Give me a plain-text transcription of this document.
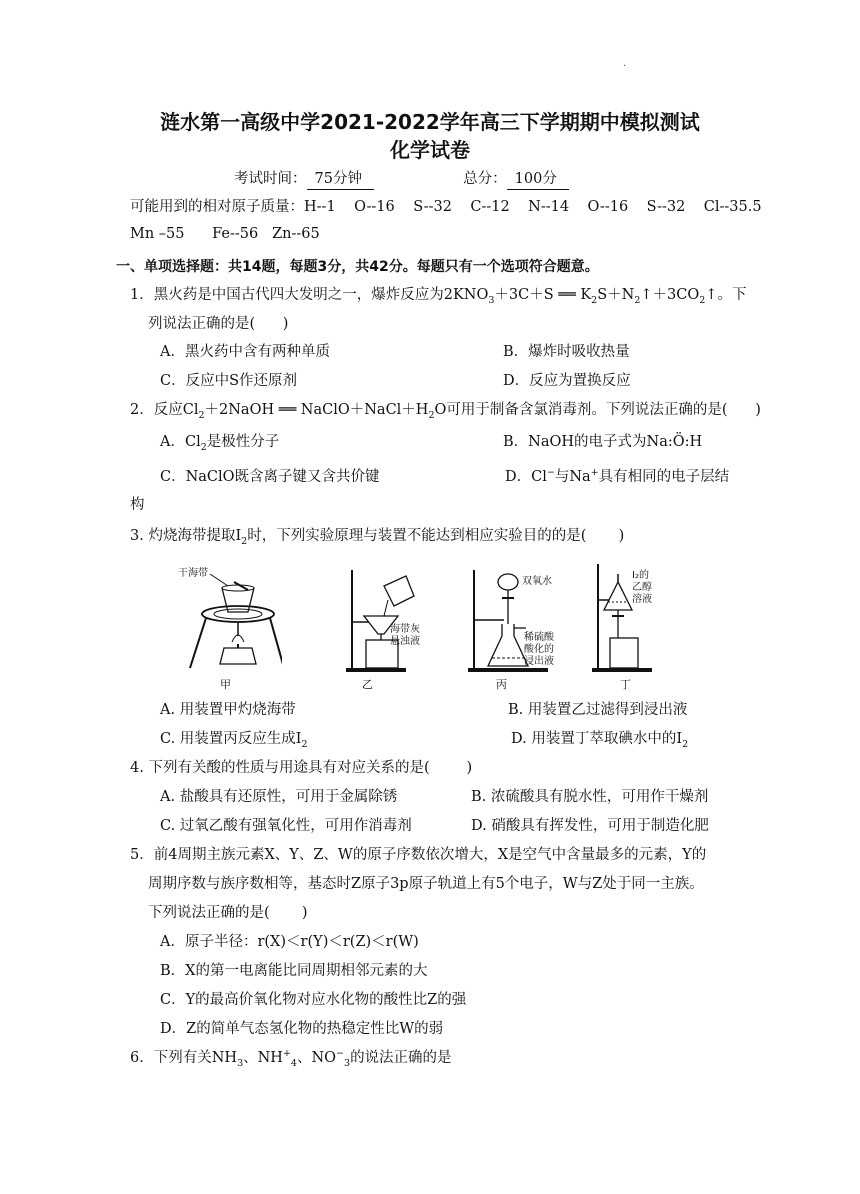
.
涟水第一高级中学2021-2022学年高三下学期期中模拟测试
化学试卷
考试时间： 75分钟	总分： 100分
可能用到的相对原子质量：H--1    O--16    S--32    C--12    N--14    O--16    S--32    Cl--35.5
Mn –55      Fe--56   Zn--65
一、单项选择题：共14题，每题3分，共42分。每题只有一个选项符合题意。
1．黑火药是中国古代四大发明之一，爆炸反应为$2KNO_3+3C+S$ ══ $K_2S+N_2↑+3CO_2↑$。下
列说法正确的是(      )
A．黑火药中含有两种单质	B．爆炸时吸收热量
C．反应中S作还原剂	D．反应为置换反应
2．反应$Cl_2+2NaOH$ ══ $NaClO+NaCl+H_2O$可用于制备含氯消毒剂。下列说法正确的是(      )
A．$Cl_2$是极性分子	B．NaOH的电子式为Na:Ö:H
C．NaClO既含离子键又含共价键	D．Cl−与Na+具有相同的电子层结
构
3. 灼烧海带提取$I_2$时，下列实验原理与装置不能达到相应实验目的的是(       )
干海带
甲
海带灰
悬浊液
乙
双氧水
稀硫酸
酸化的
浸出液
丙
I₂的
乙醇
溶液
丁
A. 用装置甲灼烧海带	B. 用装置乙过滤得到浸出液
C. 用装置丙反应生成$I_2$	D. 用装置丁萃取碘水中的$I_2$
4. 下列有关酸的性质与用途具有对应关系的是(        )
A. 盐酸具有还原性，可用于金属除锈	B. 浓硫酸具有脱水性，可用作干燥剂
C. 过氧乙酸有强氧化性，可用作消毒剂	D. 硝酸具有挥发性，可用于制造化肥
5．前4周期主族元素X、Y、Z、W的原子序数依次增大，X是空气中含量最多的元素，Y的
周期序数与族序数相等，基态时Z原子3p原子轨道上有5个电子，W与Z处于同一主族。
下列说法正确的是(       )
A．原子半径：r(X)＜r(Y)＜r(Z)＜r(W)
B．X的第一电离能比同周期相邻元素的大
C．Y的最高价氧化物对应水化物的酸性比Z的强
D．Z的简单气态氢化物的热稳定性比W的弱
6．下列有关$NH_3$、$NH^+_4$、$NO^-_3$的说法正确的是
